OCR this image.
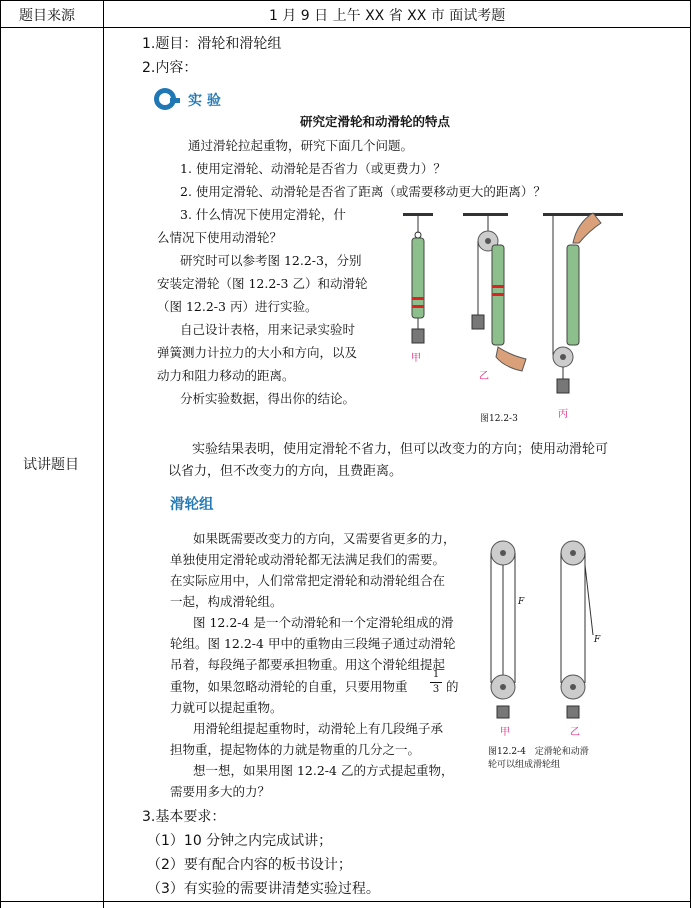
题目来源	1 月 9 日 上午 XX 省 XX 市 面试考题
试讲题目
1.题目：滑轮和滑轮组
2.内容：
实 验
研究定滑轮和动滑轮的特点
通过滑轮拉起重物，研究下面几个问题。
1. 使用定滑轮、动滑轮是否省力（或更费力）？
2. 使用定滑轮、动滑轮是否省了距离（或需要移动更大的距离）？
3. 什么情况下使用定滑轮，什
么情况下使用动滑轮？
研究时可以参考图 12.2-3，分别
安装定滑轮（图 12.2-3 乙）和动滑轮
（图 12.2-3 丙）进行实验。
自己设计表格，用来记录实验时
弹簧测力计拉力的大小和方向，以及
动力和阻力移动的距离。
分析实验数据，得出你的结论。
甲
乙
丙
图12.2-3
实验结果表明，使用定滑轮不省力，但可以改变力的方向；使用动滑轮可
以省力，但不改变力的方向，且费距离。
滑轮组
如果既需要改变力的方向，又需要省更多的力，
单独使用定滑轮或动滑轮都无法满足我们的需要。
在实际应用中，人们常常把定滑轮和动滑轮组合在
一起，构成滑轮组。
图 12.2-4 是一个动滑轮和一个定滑轮组成的滑
轮组。图 12.2-4 甲中的重物由三段绳子通过动滑轮
吊着，每段绳子都要承担物重。用这个滑轮组提起
重物，如果忽略动滑轮的自重，只要用物重
1
3 的
力就可以提起重物。
用滑轮组提起重物时，动滑轮上有几段绳子承
担物重，提起物体的力就是物重的几分之一。
想一想，如果用图 12.2-4 乙的方式提起重物，
需要用多大的力？
F
F
甲	乙
图12.2-4　定滑轮和动滑
轮可以组成滑轮组
3.基本要求：
（1）10 分钟之内完成试讲；
（2）要有配合内容的板书设计；
（3）有实验的需要讲清楚实验过程。
